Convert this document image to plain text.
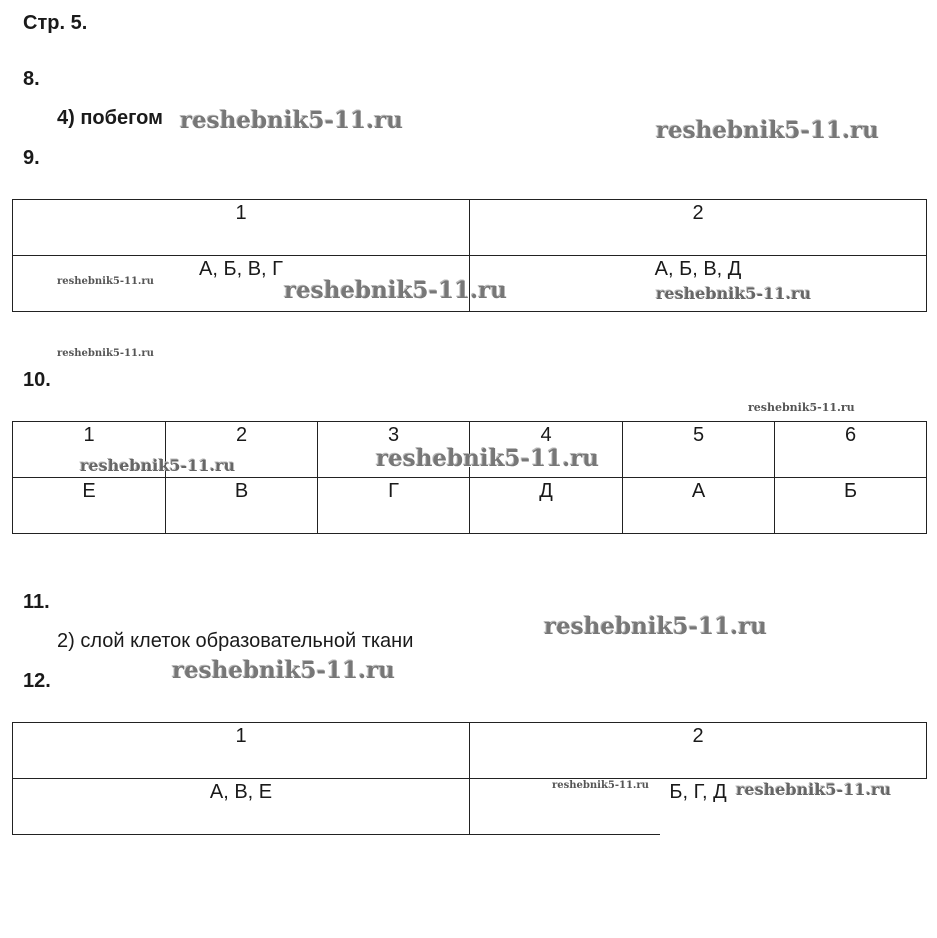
Стр. 5.
8.
4) побегом
9.
1	2
А, Б, В, Г	А, Б, В, Д
10.
1	2	3	4	5	6
Е	В	Г	Д	А	Б
11.
2) слой клеток образовательной ткани
12.
1	2
А, В, Е	Б, Г, Д
reshebnik5-11.ru	reshebnik5-11.ru
reshebnik5-11.ru	reshebnik5-11.ru	reshebnik5-11.ru
reshebnik5-11.ru
reshebnik5-11.ru
reshebnik5-11.ru	reshebnik5-11.ru
reshebnik5-11.ru
reshebnik5-11.ru
reshebnik5-11.ru	reshebnik5-11.ru
